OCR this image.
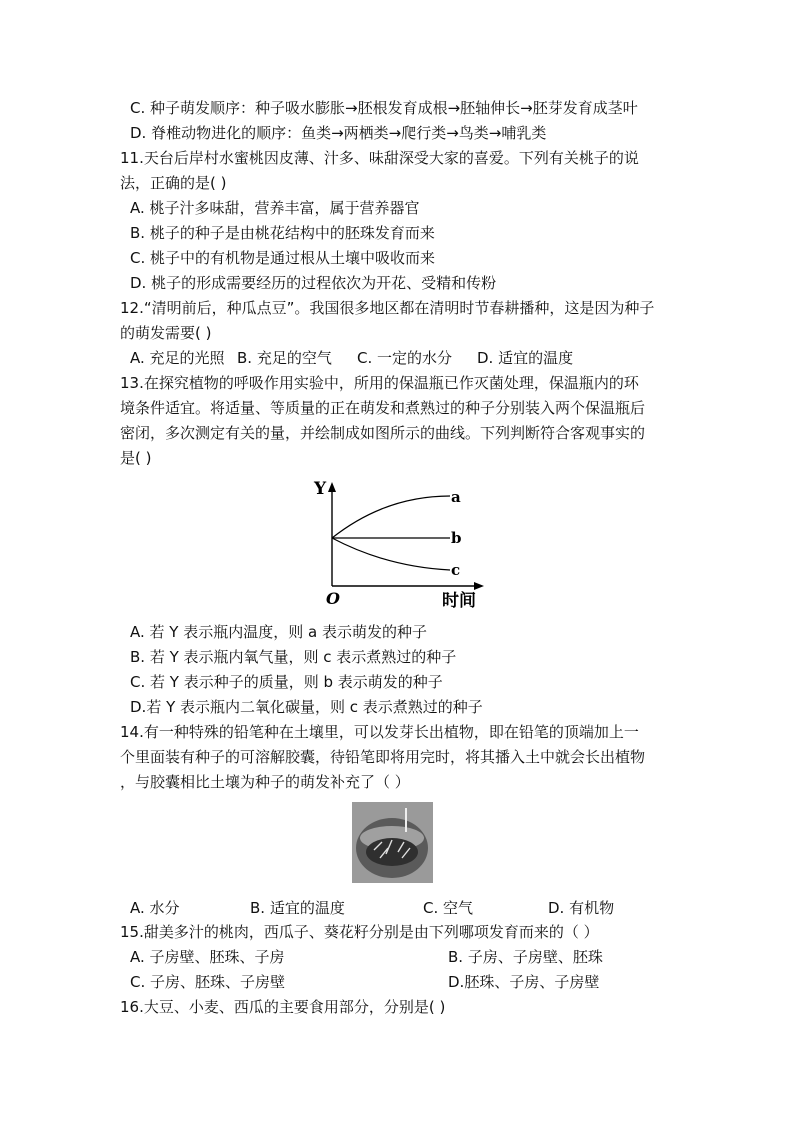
C. 种子萌发顺序：种子吸水膨胀→胚根发育成根→胚轴伸长→胚芽发育成茎叶
D. 脊椎动物进化的顺序：鱼类→两栖类→爬行类→鸟类→哺乳类
11.天台后岸村水蜜桃因皮薄、汁多、味甜深受大家的喜爱。下列有关桃子的说
法，正确的是( )
A. 桃子汁多味甜，营养丰富，属于营养器官
B. 桃子的种子是由桃花结构中的胚珠发育而来
C. 桃子中的有机物是通过根从土壤中吸收而来
D. 桃子的形成需要经历的过程依次为开花、受精和传粉
12.“清明前后，种瓜点豆”。我国很多地区都在清明时节春耕播种，这是因为种子
的萌发需要( )
A. 充足的光照 B. 充足的空气 C. 一定的水分 D. 适宜的温度
13.在探究植物的呼吸作用实验中，所用的保温瓶已作灭菌处理，保温瓶内的环
境条件适宜。将适量、等质量的正在萌发和煮熟过的种子分别装入两个保温瓶后
密闭，多次测定有关的量，并绘制成如图所示的曲线。下列判断符合客观事实的
是( )
Y
O	时间
a
b
c
A. 若 Y 表示瓶内温度，则 a 表示萌发的种子
B. 若 Y 表示瓶内氧气量，则 c 表示煮熟过的种子
C. 若 Y 表示种子的质量，则 b 表示萌发的种子
D.若 Y 表示瓶内二氧化碳量，则 c 表示煮熟过的种子
14.有一种特殊的铅笔种在土壤里，可以发芽长出植物，即在铅笔的顶端加上一
个里面装有种子的可溶解胶囊，待铅笔即将用完时，将其播入土中就会长出植物
，与胶囊相比土壤为种子的萌发补充了（ ）
A. 水分	B. 适宜的温度	C. 空气	D. 有机物
15.甜美多汁的桃肉，西瓜子、葵花籽分别是由下列哪项发育而来的（ ）
A. 子房壁、胚珠、子房	B. 子房、子房壁、胚珠
C. 子房、胚珠、子房壁	D.胚珠、子房、子房壁
16.大豆、小麦、西瓜的主要食用部分，分别是( )
